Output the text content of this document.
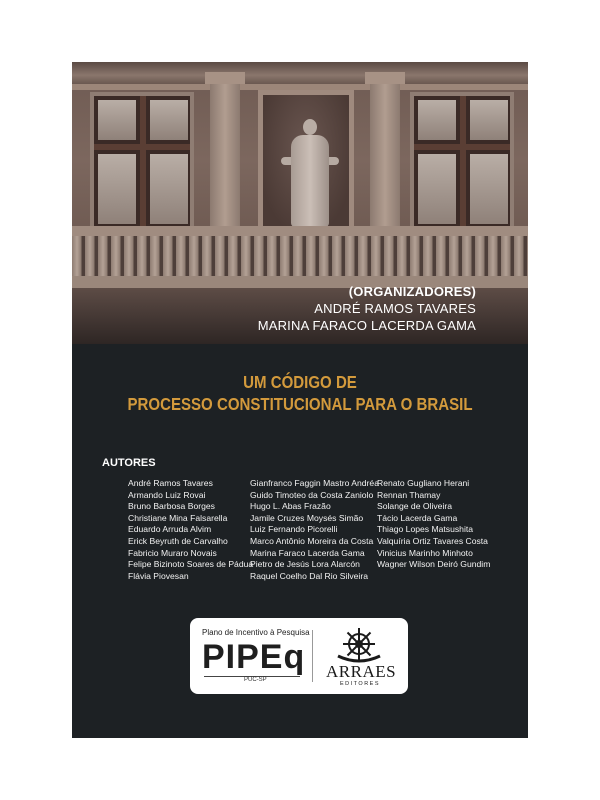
(ORGANIZADORES)
ANDRÉ RAMOS TAVARES
MARINA FARACO LACERDA GAMA
UM CÓDIGO DE
PROCESSO CONSTITUCIONAL PARA O BRASIL
AUTORES
André Ramos Tavares
Armando Luiz Rovai
Bruno Barbosa Borges
Christiane Mina Falsarella
Eduardo Arruda Alvim
Erick Beyruth de Carvalho
Fabricio Muraro Novais
Felipe Bizinoto Soares de Pádua
Flávia Piovesan
Gianfranco Faggin Mastro Andréa
Guido Timoteo da Costa Zaniolo
Hugo L. Abas Frazão
Jamile Cruzes Moysés Simão
Luiz Fernando Picorelli
Marco Antônio Moreira da Costa
Marina Faraco Lacerda Gama
Pietro de Jesús Lora Alarcón
Raquel Coelho Dal Rio Silveira
Renato Gugliano Herani
Rennan Thamay
Solange de Oliveira
Tácio Lacerda Gama
Thiago Lopes Matsushita
Valquíria Ortiz Tavares Costa
Vinicius Marinho Minhoto
Wagner Wilson Deiró Gundim
Plano de Incentivo à Pesquisa
PIPEq
PUC-SP	ARRAES
EDITORES
